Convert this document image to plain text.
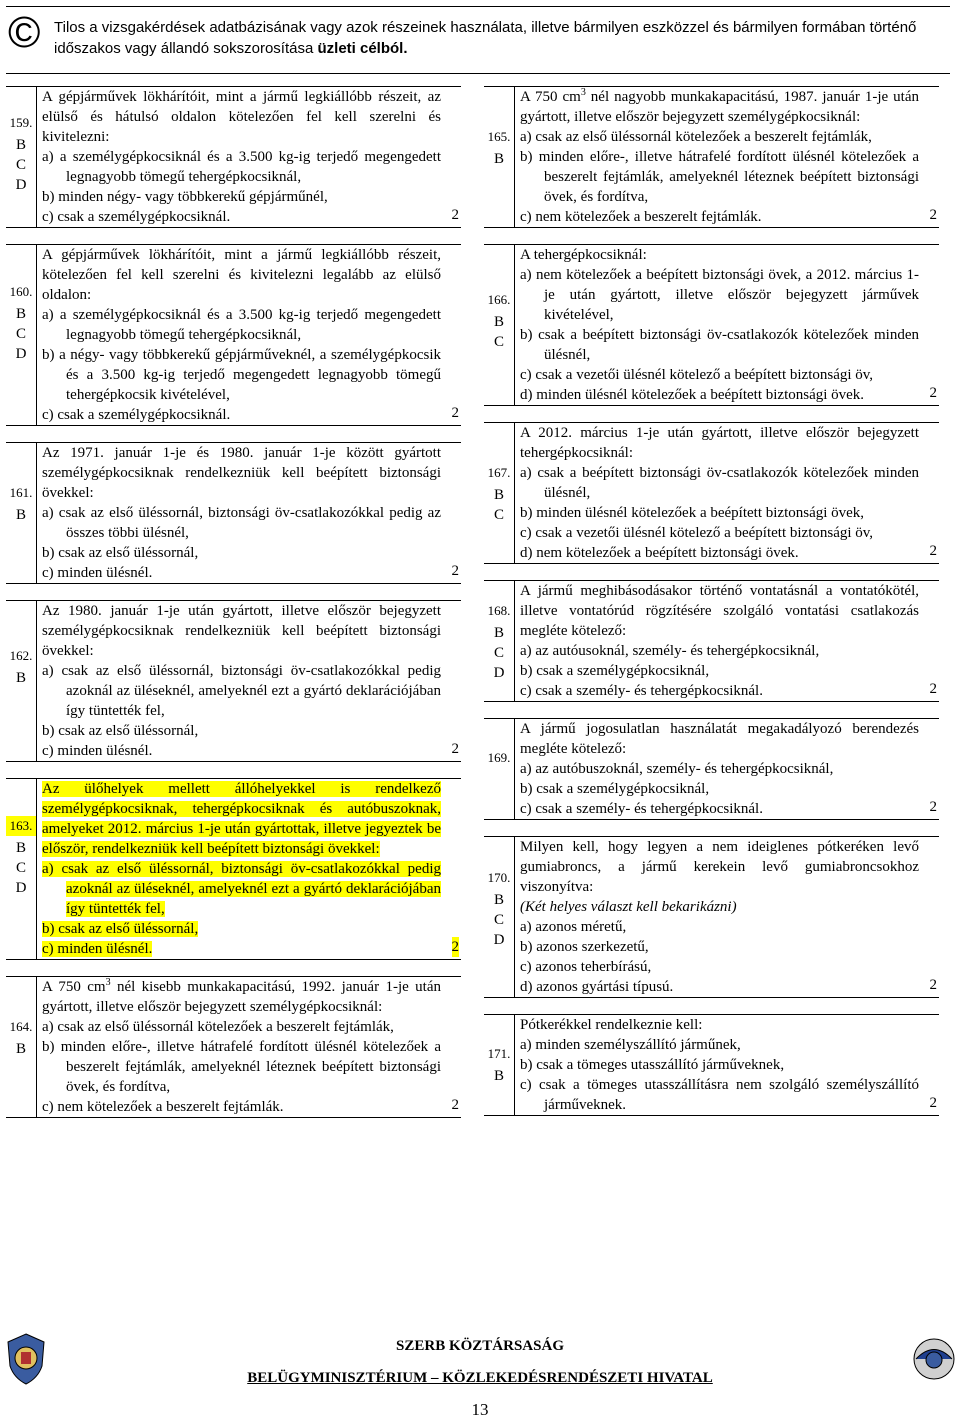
© Tilos a vizsgakérdések adatbázisának vagy azok részeinek használata, illetve bármilyen eszközzel és bármilyen formában történő
időszakos vagy állandó sokszorosítása üzleti célból.
159.
B
C
D
A gépjárművek lökhárítóit, mint a jármű legkiállóbb részeit, az elülső és hátulsó oldalon kötelezően fel kell szerelni és kivitelezni:
a) a személygépkocsiknál és a 3.500 kg-ig terjedő megengedett legnagyobb tömegű tehergépkocsiknál,
b) minden négy- vagy többkerekű gépjárműnél,
c) csak a személygépkocsiknál.	2
160.
B
C
D
A gépjárművek lökhárítóit, mint a jármű legkiállóbb részeit, kötelezően fel kell szerelni és kivitelezni legalább az elülső oldalon:
a) a személygépkocsiknál és a 3.500 kg-ig terjedő megengedett legnagyobb tömegű tehergépkocsiknál,
b) a négy- vagy többkerekű gépjárműveknél, a személygépkocsik és a 3.500 kg-ig terjedő megengedett legnagyobb tömegű tehergépkocsik kivételével,
c) csak a személygépkocsiknál.	2
161.
B
Az 1971. január 1-je és 1980. január 1-je között gyártott személygépkocsiknak rendelkezniük kell beépített biztonsági övekkel:
a) csak az első üléssornál, biztonsági öv-csatlakozókkal pedig az összes többi ülésnél,
b) csak az első üléssornál,
c) minden ülésnél.	2
162.
B
Az 1980. január 1-je után gyártott, illetve először bejegyzett személygépkocsiknak rendelkezniük kell beépített biztonsági övekkel:
a) csak az első üléssornál, biztonsági öv-csatlakozókkal pedig azoknál az üléseknél, amelyeknél ezt a gyártó deklarációjában így tüntették fel,
b) csak az első üléssornál,
c) minden ülésnél.	2
163.
B
C
D
Az ülőhelyek mellett állóhelyekkel is rendelkező személygépkocsiknak, tehergépkocsiknak és autóbuszoknak, amelyeket 2012. március 1-je után gyártottak, illetve jegyeztek be először, rendelkezniük kell beépített biztonsági övekkel:
a) csak az első üléssornál, biztonsági öv-csatlakozókkal pedig azoknál az üléseknél, amelyeknél ezt a gyártó deklarációjában így tüntették fel,
b) csak az első üléssornál,
c) minden ülésnél.	2
164.
B
A 750 $cm^3$ nél kisebb munkakapacitású, 1992. január 1-je után gyártott, illetve először bejegyzett személygépkocsiknál:
a) csak az első üléssornál kötelezőek a beszerelt fejtámlák,
b) minden előre-, illetve hátrafelé fordított ülésnél kötelezőek a beszerelt fejtámlák, amelyeknél léteznek beépített biztonsági övek, és fordítva,
c) nem kötelezőek a beszerelt fejtámlák.	2
165.
B
A 750 $cm^3$ nél nagyobb munkakapacitású, 1987. január 1-je után gyártott, illetve először bejegyzett személygépkocsiknál:
a) csak az első üléssornál kötelezőek a beszerelt fejtámlák,
b) minden előre-, illetve hátrafelé fordított ülésnél kötelezőek a beszerelt fejtámlák, amelyeknél léteznek beépített biztonsági övek, és fordítva,
c) nem kötelezőek a beszerelt fejtámlák.	2
166.
B
C
A tehergépkocsiknál:
a) nem kötelezőek a beépített biztonsági övek, a 2012. március 1-je után gyártott, illetve először bejegyzett járművek kivételével,
b) csak a beépített biztonsági öv-csatlakozók kötelezőek minden ülésnél,
c) csak a vezetői ülésnél kötelező a beépített biztonsági öv,
d) minden ülésnél kötelezőek a beépített biztonsági övek.	2
167.
B
C
A 2012. március 1-je után gyártott, illetve először bejegyzett tehergépkocsiknál:
a) csak a beépített biztonsági öv-csatlakozók kötelezőek minden ülésnél,
b) minden ülésnél kötelezőek a beépített biztonsági övek,
c) csak a vezetői ülésnél kötelező a beépített biztonsági öv,
d) nem kötelezőek a beépített biztonsági övek.	2
168.
B
C
D
A jármű meghibásodásakor történő vontatásnál a vontatókötél, illetve vontatórúd rögzítésére szolgáló vontatási csatlakozás megléte kötelező:
a) az autóusoknál, személy- és tehergépkocsiknál,
b) csak a személygépkocsiknál,
c) csak a személy- és tehergépkocsiknál.	2
169.
A jármű jogosulatlan használatát megakadályozó berendezés megléte kötelező:
a) az autóbuszoknál, személy- és tehergépkocsiknál,
b) csak a személygépkocsiknál,
c) csak a személy- és tehergépkocsiknál.	2
170.
B
C
D
Milyen kell, hogy legyen a nem ideiglenes pótkeréken levő gumiabroncs, a jármű kerekein levő gumiabroncsokhoz viszonyítva:
(Két helyes választ kell bekarikázni)
a) azonos méretű,
b) azonos szerkezetű,
c) azonos teherbírású,
d) azonos gyártási típusú.	2
171.
B
Pótkerékkel rendelkeznie kell:
a) minden személyszállító járműnek,
b) csak a tömeges utasszállító járműveknek,
c) csak a tömeges utasszállításra nem szolgáló személyszállító járműveknek.	2
SZERB KÖZTÁRSASÁG
BELÜGYMINISZTÉRIUM – KÖZLEKEDÉSRENDÉSZETI HIVATAL
13
